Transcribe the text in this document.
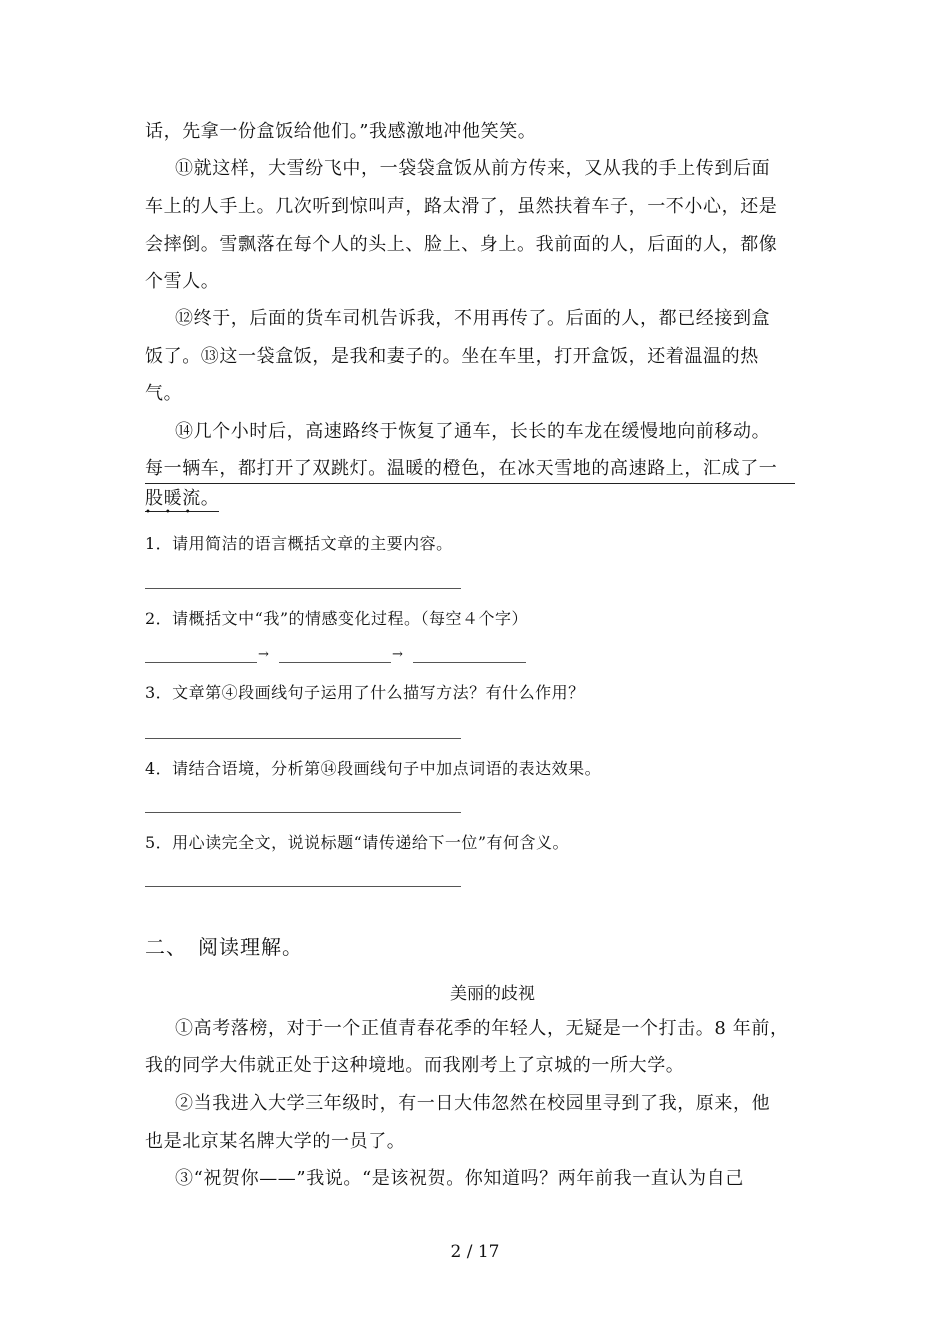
话，先拿一份盒饭给他们。”我感激地冲他笑笑。
⑪就这样，大雪纷飞中，一袋袋盒饭从前方传来，又从我的手上传到后面
车上的人手上。几次听到惊叫声，路太滑了，虽然扶着车子，一不小心，还是
会摔倒。雪飘落在每个人的头上、脸上、身上。我前面的人，后面的人，都像
个雪人。
⑫终于，后面的货车司机告诉我，不用再传了。后面的人，都已经接到盒
饭了。⑬这一袋盒饭，是我和妻子的。坐在车里，打开盒饭，还着温温的热
气。
⑭几个小时后，高速路终于恢复了通车，长长的车龙在缓慢地向前移动。
每一辆车，都打开了双跳灯。温暖的橙色，在冰天雪地的高速路上，汇成了一
股暖流。
•••
1．请用简洁的语言概括文章的主要内容。
2．请概括文中“我”的情感变化过程。（每空４个字）
→	→
3．文章第④段画线句子运用了什么描写方法？有什么作用？
4．请结合语境，分析第⑭段画线句子中加点词语的表达效果。
5．用心读完全文，说说标题“请传递给下一位”有何含义。
二、　阅读理解。
美丽的歧视
①高考落榜，对于一个正值青春花季的年轻人，无疑是一个打击。8 年前，
我的同学大伟就正处于这种境地。而我刚考上了京城的一所大学。
②当我进入大学三年级时，有一日大伟忽然在校园里寻到了我，原来，他
也是北京某名牌大学的一员了。
③“祝贺你——”我说。“是该祝贺。你知道吗？两年前我一直认为自己
2 / 17
